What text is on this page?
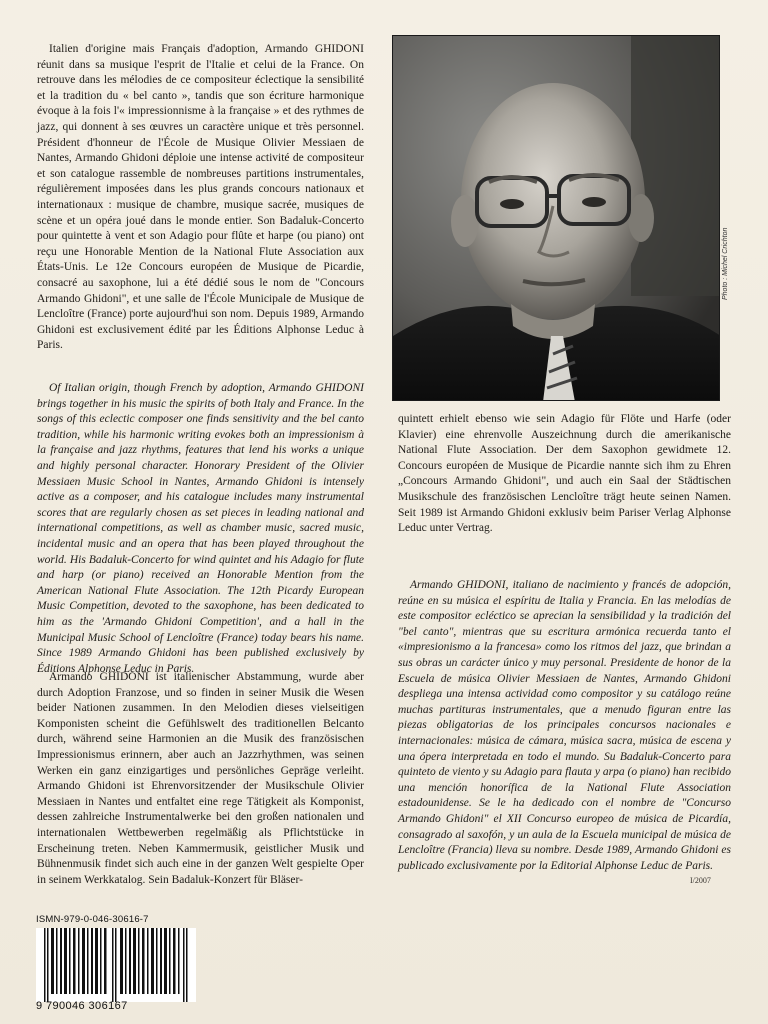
Italien d'origine mais Français d'adoption, Armando GHIDONI réunit dans sa musique l'esprit de l'Italie et celui de la France. On retrouve dans les mélodies de ce compositeur éclectique la sensibilité et la tradition du « bel canto », tandis que son écriture harmonique évoque à la fois l'« impressionnisme à la française » et des rythmes de jazz, qui donnent à ses œuvres un caractère unique et très personnel. Président d'honneur de l'École de Musique Olivier Messiaen de Nantes, Armando Ghidoni déploie une intense activité de compositeur et son catalogue rassemble de nombreuses partitions instrumentales, régulièrement imposées dans les plus grands concours nationaux et internationaux : musique de chambre, musique sacrée, musiques de scène et un opéra joué dans le monde entier. Son Badaluk-Concerto pour quintette à vent et son Adagio pour flûte et harpe (ou piano) ont reçu une Honorable Mention de la National Flute Association aux États-Unis. Le 12e Concours européen de Musique de Picardie, consacré au saxophone, lui a été dédié sous le nom de "Concours Armando Ghidoni", et une salle de l'École Municipale de Musique de Lencloître (France) porte aujourd'hui son nom. Depuis 1989, Armando Ghidoni est exclusivement édité par les Éditions Alphonse Leduc à Paris.

Of Italian origin, though French by adoption, Armando GHIDONI brings together in his music the spirits of both Italy and France. In the songs of this eclectic composer one finds sensitivity and the bel canto tradition, while his harmonic writing evokes both an impressionism à la française and jazz rhythms, features that lend his works a unique and highly personal character. Honorary President of the Olivier Messiaen Music School in Nantes, Armando Ghidoni is intensely active as a composer, and his catalogue includes many instrumental scores that are regularly chosen as set pieces in leading national and international competitions, as well as chamber music, sacred music, incidental music and an opera that has been played throughout the world. His Badaluk-Concerto for wind quintet and his Adagio for flute and harp (or piano) received an Honorable Mention from the American National Flute Association. The 12th Picardy European Music Competition, devoted to the saxophone, has been dedicated to him as the 'Armando Ghidoni Competition', and a hall in the Municipal Music School of Lencloître (France) today bears his name. Since 1989 Armando Ghidoni has been published exclusively by Éditions Alphonse Leduc in Paris.

Armando GHIDONI ist italienischer Abstammung, wurde aber durch Adoption Franzose, und so finden in seiner Musik die Wesen beider Nationen zusammen. In den Melodien dieses vielseitigen Komponisten scheint die Gefühlswelt des traditionellen Belcanto durch, während seine Harmonien an die Musik des französischen Impressionismus erinnern, aber auch an Jazzrhythmen, was seinen Werken ein ganz einzigartiges und persönliches Gepräge verleiht. Armando Ghidoni ist Ehrenvorsitzender der Musikschule Olivier Messiaen in Nantes und entfaltet eine rege Tätigkeit als Komponist, dessen zahlreiche Instrumentalwerke bei den großen nationalen und internationalen Wettbewerben regelmäßig als Pflichtstücke in Erscheinung treten. Neben Kammermusik, geistlicher Musik und Bühnenmusik findet sich auch eine in der ganzen Welt gespielte Oper in seinem Werkkatalog. Sein Badaluk-Konzert für Bläser-

Photo : Michel Crichton

quintett erhielt ebenso wie sein Adagio für Flöte und Harfe (oder Klavier) eine ehrenvolle Auszeichnung durch die amerikanische National Flute Association. Der dem Saxophon gewidmete 12. Concours européen de Musique de Picardie nannte sich ihm zu Ehren „Concours Armando Ghidoni", und auch ein Saal der Städtischen Musikschule des französischen Lencloître trägt heute seinen Namen. Seit 1989 ist Armando Ghidoni exklusiv beim Pariser Verlag Alphonse Leduc unter Vertrag.

Armando GHIDONI, italiano de nacimiento y francés de adopción, reúne en su música el espíritu de Italia y Francia. En las melodías de este compositor ecléctico se aprecian la sensibilidad y la tradición del "bel canto", mientras que su escritura armónica recuerda tanto el «impresionismo a la francesa» como los ritmos del jazz, que brindan a sus obras un carácter único y muy personal. Presidente de honor de la Escuela de música Olivier Messiaen de Nantes, Armando Ghidoni despliega una intensa actividad como compositor y su catálogo reúne muchas partituras instrumentales, que a menudo figuran entre las piezas obligatorias de los principales concursos nacionales e internacionales: música de cámara, música sacra, música de escena y una ópera interpretada en todo el mundo. Su Badaluk-Concerto para quinteto de viento y su Adagio para flauta y arpa (o piano) han recibido una mención honorífica de la National Flute Association estadounidense. Se le ha dedicado con el nombre de "Concurso Armando Ghidoni" el XII Concurso europeo de música de Picardía, consagrado al saxofón, y un aula de la Escuela municipal de música de Lencloître (Francia) lleva su nombre. Desde 1989, Armando Ghidoni es publicado exclusivamente por la Editorial Alphonse Leduc de Paris.

I/2007
ISMN-979-0-046-30616-7
9 790046 306167
